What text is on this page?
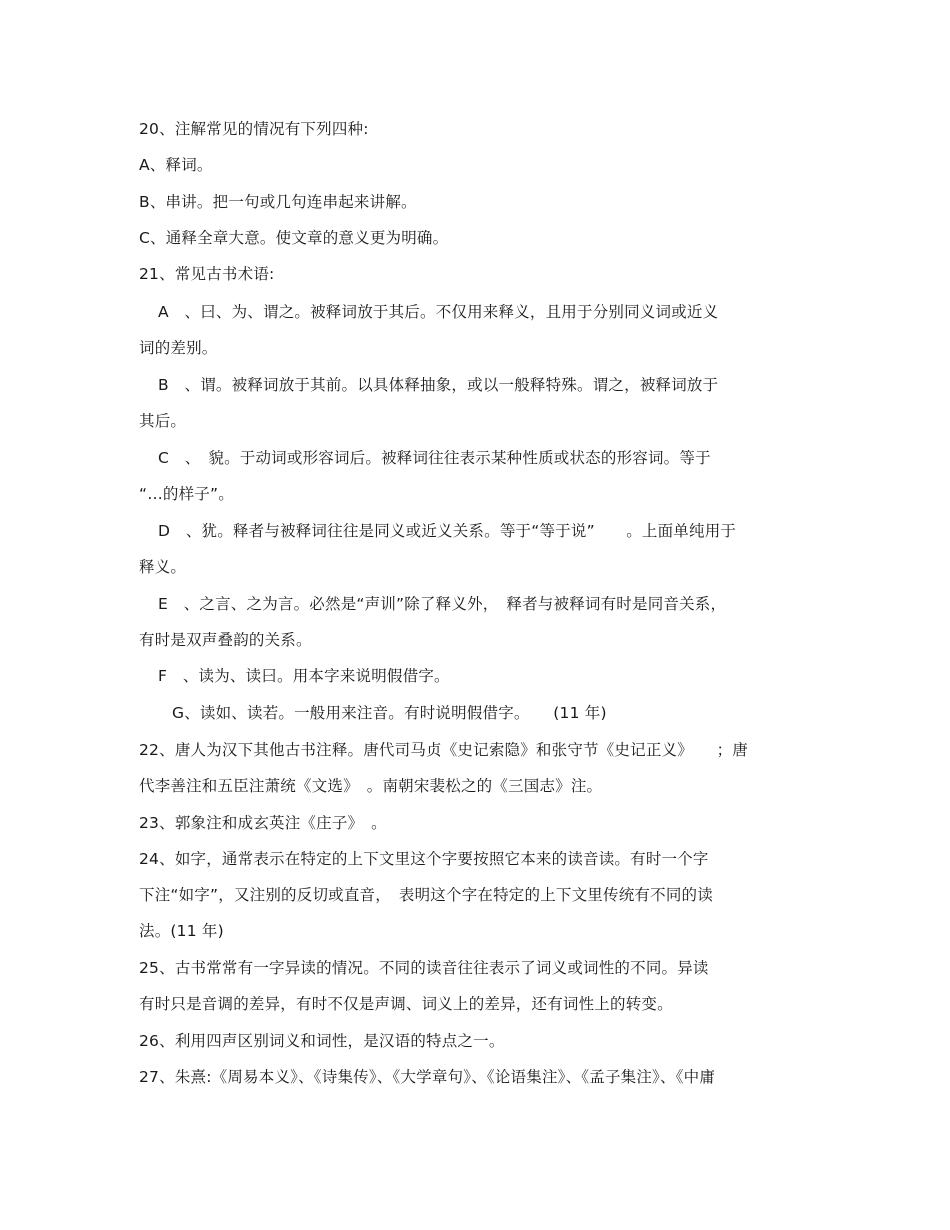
20、注解常见的情况有下列四种:
A、释词。
B、串讲。把一句或几句连串起来讲解。
C、通释全章大意。使文章的意义更为明确。
21、常见古书术语:
A　、曰、为、谓之。被释词放于其后。不仅用来释义，且用于分别同义词或近义
词的差别。
B　、谓。被释词放于其前。以具体释抽象，或以一般释特殊。谓之，被释词放于
其后。
C　、　貌。于动词或形容词后。被释词往往表示某种性质或状态的形容词。等于
“…的样子”。
D　、犹。释者与被释词往往是同义或近义关系。等于“等于说”　　。上面单纯用于
释义。
E　、之言、之为言。必然是“声训”除了释义外，　释者与被释词有时是同音关系，
有时是双声叠韵的关系。
F　、读为、读曰。用本字来说明假借字。
G、读如、读若。一般用来注音。有时说明假借字。　　(11 年)
22、唐人为汉下其他古书注释。唐代司马贞《史记索隐》和张守节《史记正义》　　；唐
代李善注和五臣注萧统《文选》　。南朝宋裴松之的《三国志》注。
23、郭象注和成玄英注《庄子》　。
24、如字，通常表示在特定的上下文里这个字要按照它本来的读音读。有时一个字
下注“如字”，又注别的反切或直音，　表明这个字在特定的上下文里传统有不同的读
法。(11 年)
25、古书常常有一字异读的情况。不同的读音往往表示了词义或词性的不同。异读
有时只是音调的差异，有时不仅是声调、词义上的差异，还有词性上的转变。
26、利用四声区别词义和词性，是汉语的特点之一。
27、朱熹:《周易本义》、《诗集传》、《大学章句》、《论语集注》、《孟子集注》、《中庸
